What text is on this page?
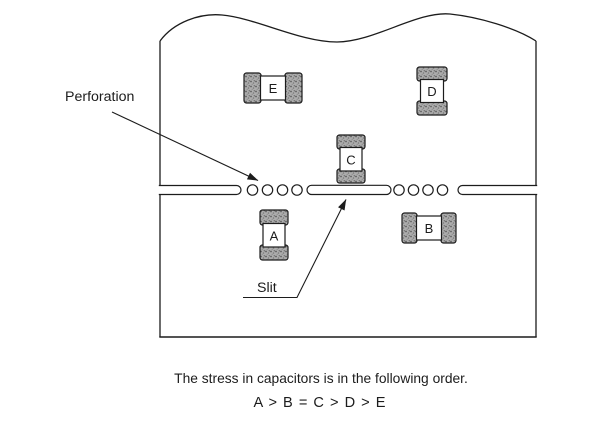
E	D
C
A	B
Perforation
Slit
The stress in capacitors is in the following order.
A > B = C > D > E
